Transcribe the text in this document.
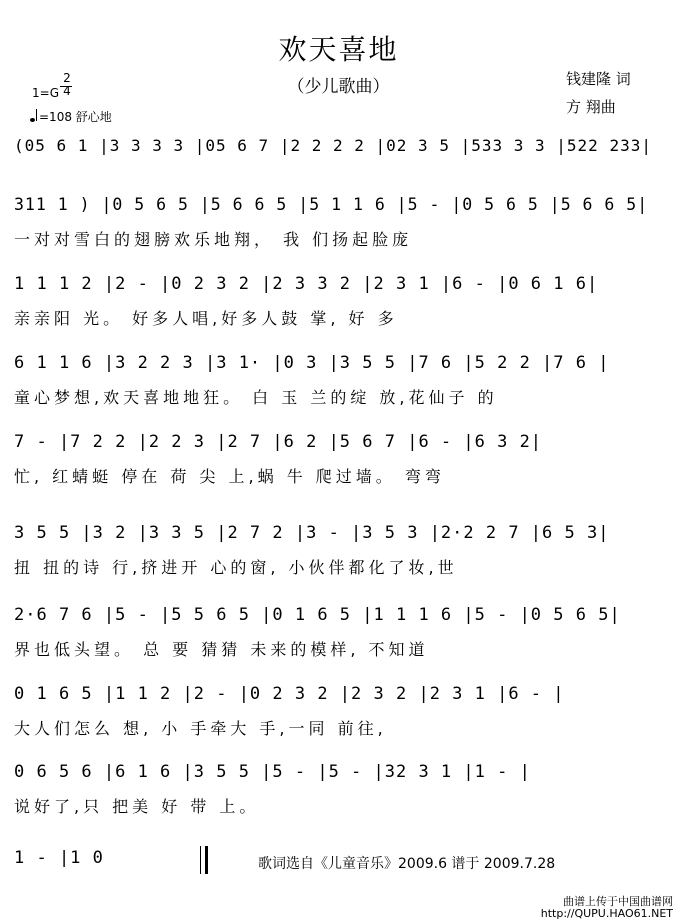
欢天喜地
（少儿歌曲）
1=G
2
4
=108 舒心地
钱建隆 词
方 翔曲
(05 6 1 |3 3 3 3 |05 6 7 |2 2 2 2 |02 3 5 |533 3 3 |522 233|
311 1 ) |0 5 6 5 |5 6 6 5 |5 1 1 6 |5 - |0 5 6 5 |5 6 6 5|
一对对雪白的翅膀欢乐地翔， 我 们扬起脸庞
1 1 1 2 |2 - |0 2 3 2 |2 3 3 2 |2 3 1 |6 - |0 6 1 6|
亲亲阳 光。 好多人唱,好多人鼓 掌, 好 多
6 1 1 6 |3 2 2 3 |3 1· |0 3 |3 5 5 |7 6 |5 2 2 |7 6 |
童心梦想,欢天喜地地狂。 白 玉 兰的绽 放,花仙子 的
7 - |7 2 2 |2 2 3 |2 7 |6 2 |5 6 7 |6 - |6 3 2|
忙, 红蜻蜓 停在 荷 尖 上,蜗 牛 爬过墙。 弯弯
3 5 5 |3 2 |3 3 5 |2 7 2 |3 - |3 5 3 |2·2 2 7 |6 5 3|
扭 扭的诗 行,挤进开 心的窗, 小伙伴都化了妆,世
2·6 7 6 |5 - |5 5 6 5 |0 1 6 5 |1 1 1 6 |5 - |0 5 6 5|
界也低头望。 总 要 猜猜 未来的模样, 不知道
0 1 6 5 |1 1 2 |2 - |0 2 3 2 |2 3 2 |2 3 1 |6 - |
大人们怎么 想, 小 手牵大 手,一同 前往,
0 6 5 6 |6 1 6 |3 5 5 |5 - |5 - |32 3 1 |1 - |
说好了,只 把美 好 带 上。
1 - |1 0	歌词选自《儿童音乐》2009.6 谱于 2009.7.28
曲谱上传于中国曲谱网
http://QUPU.HAO61.NET
